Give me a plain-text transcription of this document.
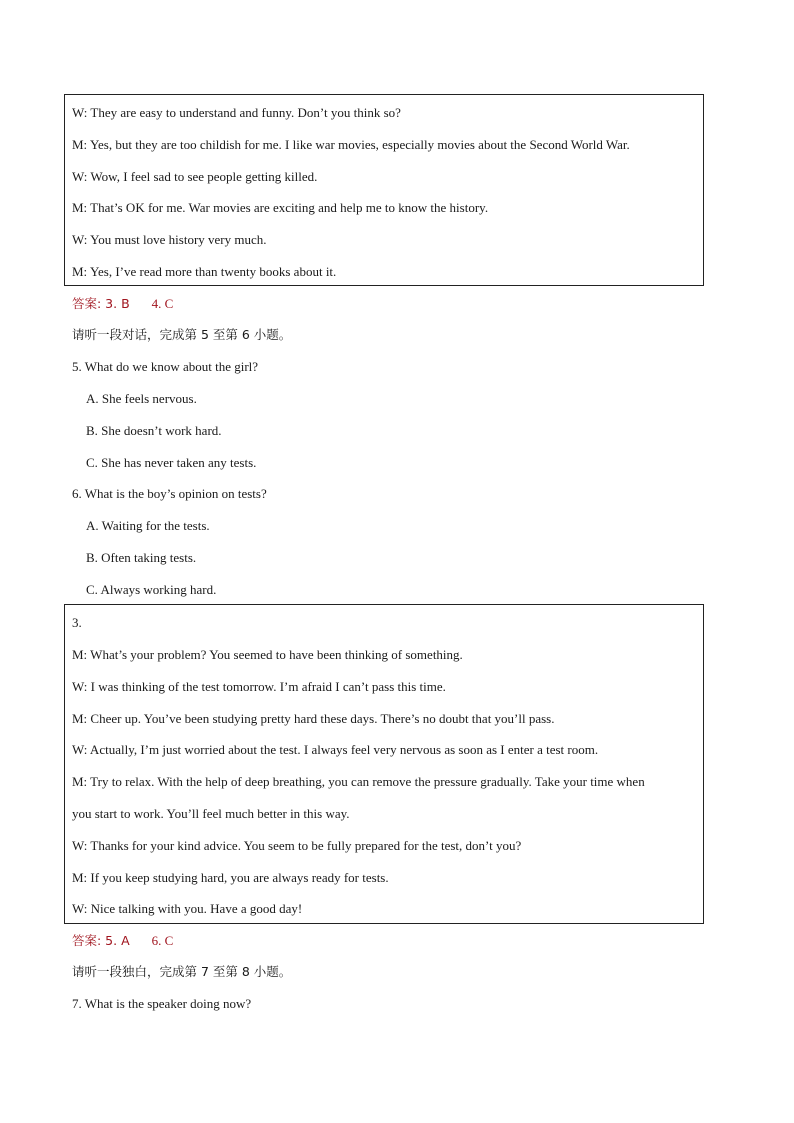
W: They are easy to understand and funny. Don’t you think so?
M: Yes, but they are too childish for me. I like war movies, especially movies about the Second World War.
W: Wow, I feel sad to see people getting killed.
M: That’s OK for me. War movies are exciting and help me to know the history.
W: You must love history very much.
M: Yes, I’ve read more than twenty books about it.
答案: 3. B 4. C
请听一段对话，完成第 5 至第 6 小题。
5. What do we know about the girl?
A. She feels nervous.
B. She doesn’t work hard.
C. She has never taken any tests.
6. What is the boy’s opinion on tests?
A. Waiting for the tests.
B. Often taking tests.
C. Always working hard.
3.
M: What’s your problem? You seemed to have been thinking of something.
W: I was thinking of the test tomorrow. I’m afraid I can’t pass this time.
M: Cheer up. You’ve been studying pretty hard these days. There’s no doubt that you’ll pass.
W: Actually, I’m just worried about the test. I always feel very nervous as soon as I enter a test room.
M: Try to relax. With the help of deep breathing, you can remove the pressure gradually. Take your time when
you start to work. You’ll feel much better in this way.
W: Thanks for your kind advice. You seem to be fully prepared for the test, don’t you?
M: If you keep studying hard, you are always ready for tests.
W: Nice talking with you. Have a good day!
答案: 5. A 6. C
请听一段独白，完成第 7 至第 8 小题。
7. What is the speaker doing now?
